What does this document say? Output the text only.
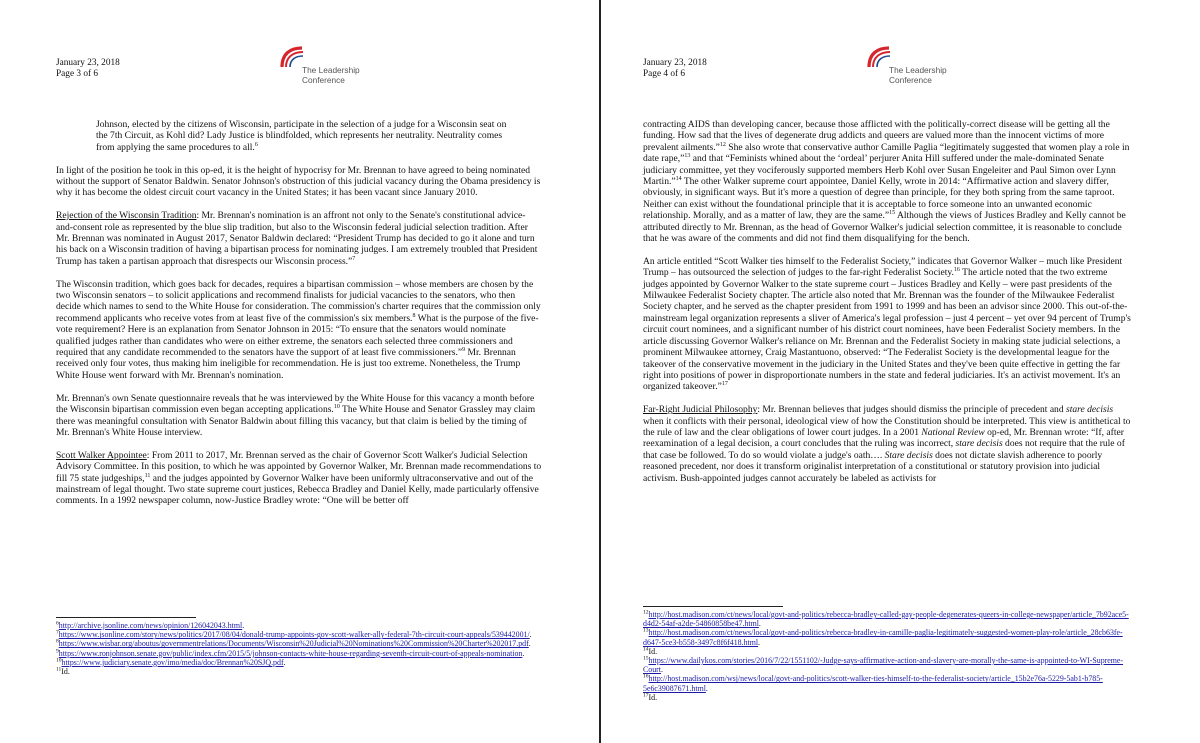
January 23, 2018
Page 3 of 6	The Leadership
Conference

Johnson, elected by the citizens of Wisconsin, participate in the selection of a judge for a Wisconsin seat on the 7th Circuit, as Kohl did? Lady Justice is blindfolded, which represents her neutrality. Neutrality comes from applying the same procedures to all.$^6$

In light of the position he took in this op-ed, it is the height of hypocrisy for Mr. Brennan to have agreed to being nominated without the support of Senator Baldwin. Senator Johnson's obstruction of this judicial vacancy during the Obama presidency is why it has become the oldest circuit court vacancy in the United States; it has been vacant since January 2010.

Rejection of the Wisconsin Tradition: Mr. Brennan's nomination is an affront not only to the Senate's constitutional advice-and-consent role as represented by the blue slip tradition, but also to the Wisconsin federal judicial selection tradition. After Mr. Brennan was nominated in August 2017, Senator Baldwin declared: “President Trump has decided to go it alone and turn his back on a Wisconsin tradition of having a bipartisan process for nominating judges. I am extremely troubled that President Trump has taken a partisan approach that disrespects our Wisconsin process.”$^7$

The Wisconsin tradition, which goes back for decades, requires a bipartisan commission – whose members are chosen by the two Wisconsin senators – to solicit applications and recommend finalists for judicial vacancies to the senators, who then decide which names to send to the White House for consideration. The commission's charter requires that the commission only recommend applicants who receive votes from at least five of the commission's six members.$^8$ What is the purpose of the five-vote requirement? Here is an explanation from Senator Johnson in 2015: “To ensure that the senators would nominate qualified judges rather than candidates who were on either extreme, the senators each selected three commissioners and required that any candidate recommended to the senators have the support of at least five commissioners.”$^9$ Mr. Brennan received only four votes, thus making him ineligible for recommendation. He is just too extreme. Nonetheless, the Trump White House went forward with Mr. Brennan's nomination.

Mr. Brennan's own Senate questionnaire reveals that he was interviewed by the White House for this vacancy a month before the Wisconsin bipartisan commission even began accepting applications.$^{10}$ The White House and Senator Grassley may claim there was meaningful consultation with Senator Baldwin about filling this vacancy, but that claim is belied by the timing of Mr. Brennan's White House interview.

Scott Walker Appointee: From 2011 to 2017, Mr. Brennan served as the chair of Governor Scott Walker's Judicial Selection Advisory Committee. In this position, to which he was appointed by Governor Walker, Mr. Brennan made recommendations to fill 75 state judgeships,$^{11}$ and the judges appointed by Governor Walker have been uniformly ultraconservative and out of the mainstream of legal thought. Two state supreme court justices, Rebecca Bradley and Daniel Kelly, made particularly offensive comments. In a 1992 newspaper column, now-Justice Bradley wrote: “One will be better off

$^6$http://archive.jsonline.com/news/opinion/126042043.html.

$^7$https://www.jsonline.com/story/news/politics/2017/08/04/donald-trump-appoints-gov-scott-walker-ally-federal-7th-circuit-court-appeals/539442001/.

$^8$https://www.wisbar.org/aboutus/governmentrelations/Documents/Wisconsin%20Judicial%20Nominations%20Commission%20Charter%202017.pdf.

$^9$https://www.ronjohnson.senate.gov/public/index.cfm/2015/5/johnson-contacts-white-house-regarding-seventh-circuit-court-of-appeals-nomination.

$^{10}$https://www.judiciary.senate.gov/imo/media/doc/Brennan%20SJQ.pdf.

$^{11}$Id.

January 23, 2018
Page 4 of 6	The Leadership
Conference

contracting AIDS than developing cancer, because those afflicted with the politically-correct disease will be getting all the funding. How sad that the lives of degenerate drug addicts and queers are valued more than the innocent victims of more prevalent ailments.”$^{12}$ She also wrote that conservative author Camille Paglia “legitimately suggested that women play a role in date rape,”$^{13}$ and that “Feminists whined about the ‘ordeal’ perjurer Anita Hill suffered under the male-dominated Senate judiciary committee, yet they vociferously supported members Herb Kohl over Susan Engeleiter and Paul Simon over Lynn Martin.”$^{14}$ The other Walker supreme court appointee, Daniel Kelly, wrote in 2014: “Affirmative action and slavery differ, obviously, in significant ways. But it's more a question of degree than principle, for they both spring from the same taproot. Neither can exist without the foundational principle that it is acceptable to force someone into an unwanted economic relationship. Morally, and as a matter of law, they are the same.”$^{15}$ Although the views of Justices Bradley and Kelly cannot be attributed directly to Mr. Brennan, as the head of Governor Walker's judicial selection committee, it is reasonable to conclude that he was aware of the comments and did not find them disqualifying for the bench.

An article entitled “Scott Walker ties himself to the Federalist Society,” indicates that Governor Walker – much like President Trump – has outsourced the selection of judges to the far-right Federalist Society.$^{16}$ The article noted that the two extreme judges appointed by Governor Walker to the state supreme court – Justices Bradley and Kelly – were past presidents of the Milwaukee Federalist Society chapter. The article also noted that Mr. Brennan was the founder of the Milwaukee Federalist Society chapter, and he served as the chapter president from 1991 to 1999 and has been an advisor since 2000. This out-of-the-mainstream legal organization represents a sliver of America's legal profession – just 4 percent – yet over 94 percent of Trump's circuit court nominees, and a significant number of his district court nominees, have been Federalist Society members. In the article discussing Governor Walker's reliance on Mr. Brennan and the Federalist Society in making state judicial selections, a prominent Milwaukee attorney, Craig Mastantuono, observed: “The Federalist Society is the developmental league for the takeover of the conservative movement in the judiciary in the United States and they've been quite effective in getting the far right into positions of power in disproportionate numbers in the state and federal judiciaries. It's an activist movement. It's an organized takeover.”$^{17}$

Far-Right Judicial Philosophy: Mr. Brennan believes that judges should dismiss the principle of precedent and stare decisis when it conflicts with their personal, ideological view of how the Constitution should be interpreted. This view is antithetical to the rule of law and the clear obligations of lower court judges. In a 2001 National Review op-ed, Mr. Brennan wrote: “If, after reexamination of a legal decision, a court concludes that the ruling was incorrect, stare decisis does not require that the rule of that case be followed. To do so would violate a judge's oath…. Stare decisis does not dictate slavish adherence to poorly reasoned precedent, nor does it transform originalist interpretation of a constitutional or statutory provision into judicial activism. Bush-appointed judges cannot accurately be labeled as activists for

$^{12}$http://host.madison.com/ct/news/local/govt-and-politics/rebecca-bradley-called-gay-people-degenerates-queers-in-college-newspaper/article_7b92ace5-d4d2-54af-a2de-54860858be47.html.

$^{13}$http://host.madison.com/ct/news/local/govt-and-politics/rebecca-bradley-in-camille-paglia-legitimately-suggested-women-play-role/article_28cb63fe-d647-5ce3-b558-3497c8f6f418.html.

$^{14}$Id.

$^{15}$https://www.dailykos.com/stories/2016/7/22/1551102/-Judge-says-affirmative-action-and-slavery-are-morally-the-same-is-appointed-to-WI-Supreme-Court.

$^{16}$http://host.madison.com/wsj/news/local/govt-and-politics/scott-walker-ties-himself-to-the-federalist-society/article_15b2e76a-5229-5ab1-b785-5e6c39087671.html.

$^{17}$Id.
